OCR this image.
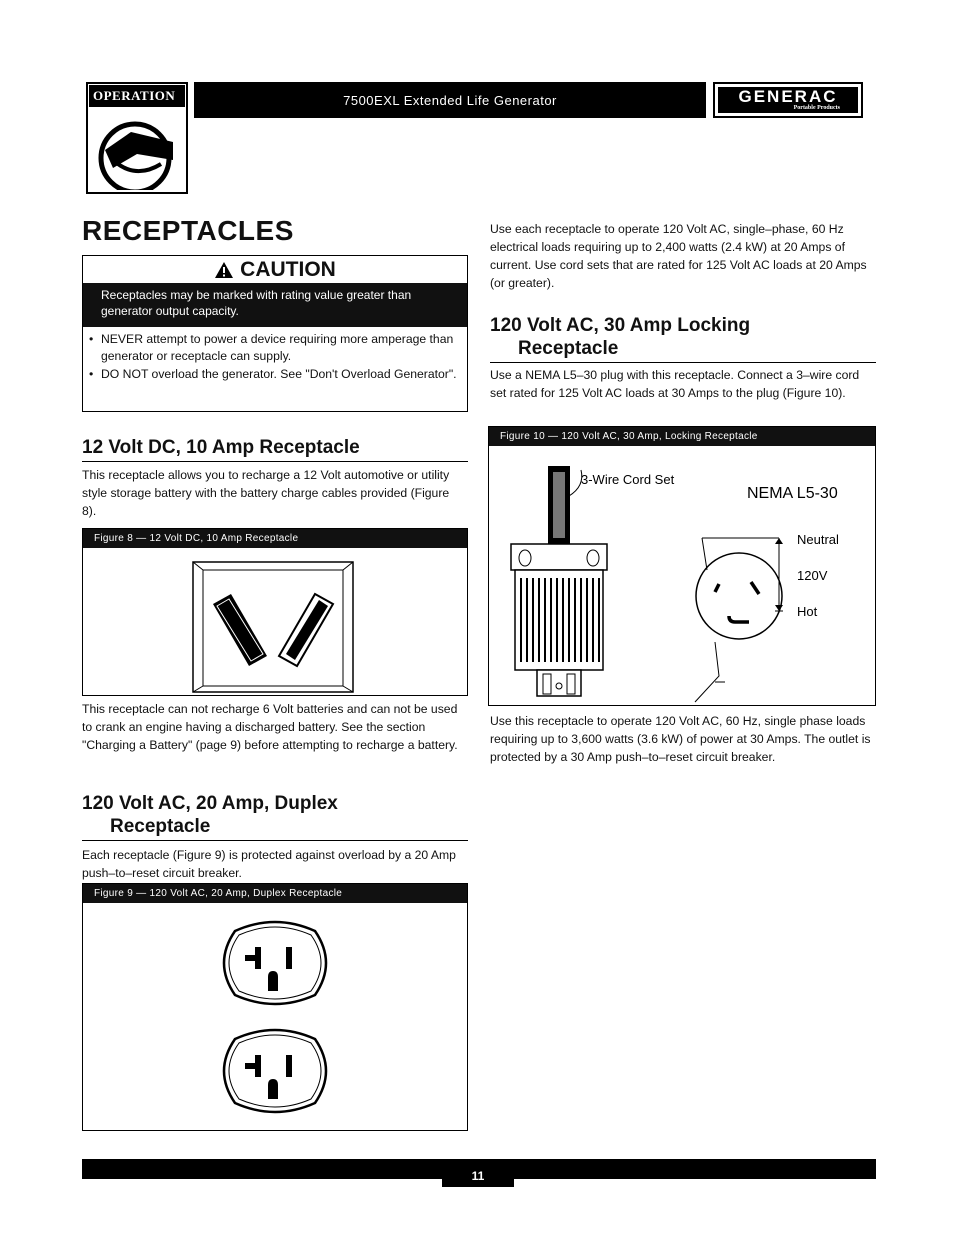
OPERATION	7500EXL Extended Life Generator	GENERAC
Portable Products
RECEPTACLES
CAUTION
Receptacles may be marked with rating value greater than generator output capacity.
• NEVER attempt to power a device requiring more amperage than generator or receptacle can supply.
• DO NOT overload the generator. See "Don't Overload Generator".
12 Volt DC, 10 Amp Receptacle
This receptacle allows you to recharge a 12 Volt automotive or utility style storage battery with the battery charge cables provided (Figure 8).
Figure 8 — 12 Volt DC, 10 Amp Receptacle
This receptacle can not recharge 6 Volt batteries and can not be used to crank an engine having a discharged battery. See the section "Charging a Battery" (page 9) before attempting to recharge a battery.
120 Volt AC, 20 Amp, Duplex
Receptacle
Each receptacle (Figure 9) is protected against overload by a 20 Amp push–to–reset circuit breaker.
Figure 9 — 120 Volt AC, 20 Amp, Duplex Receptacle
Use each receptacle to operate 120 Volt AC, single–phase, 60 Hz electrical loads requiring up to 2,400 watts (2.4 kW) at 20 Amps of current. Use cord sets that are rated for 125 Volt AC loads at 20 Amps (or greater).
120 Volt AC, 30 Amp Locking
Receptacle
Use a NEMA L5–30 plug with this receptacle. Connect a 3–wire cord set rated for 125 Volt AC loads at 30 Amps to the plug (Figure 10).
Figure 10 — 120 Volt AC, 30 Amp, Locking Receptacle
3-Wire Cord Set
NEMA L5-30
Neutral
120V
Hot
Use this receptacle to operate 120 Volt AC, 60 Hz, single phase loads requiring up to 3,600 watts (3.6 kW) of power at 30 Amps. The outlet is protected by a 30 Amp push–to–reset circuit breaker.
11
